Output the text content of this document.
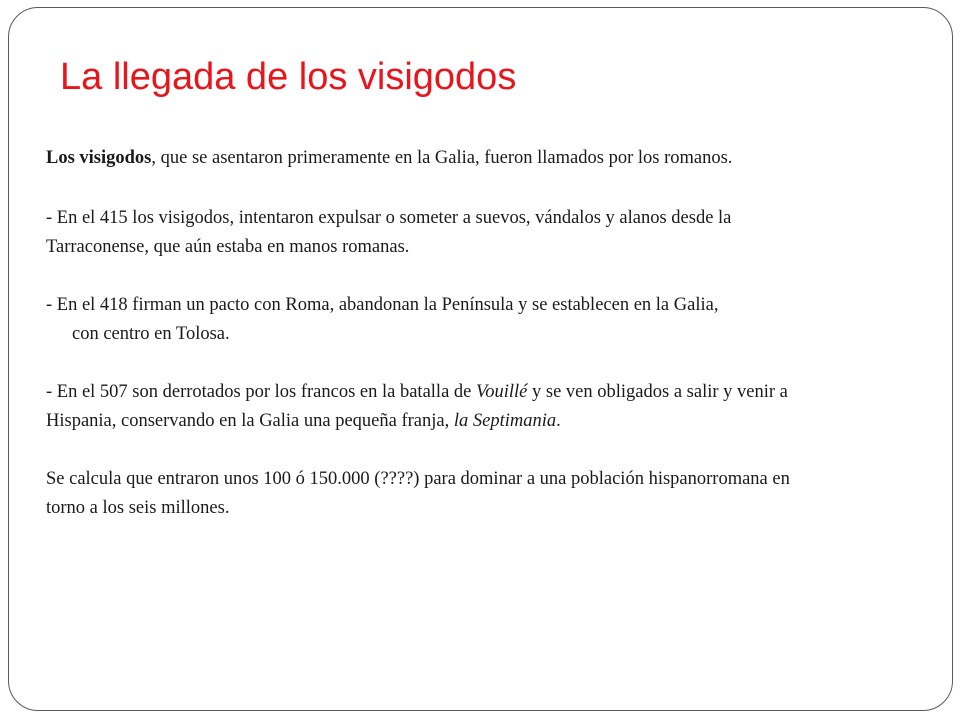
La llegada de los visigodos
Los visigodos, que se asentaron primeramente en la Galia, fueron llamados por los romanos.
- En el 415 los visigodos, intentaron expulsar o someter a suevos, vándalos y alanos desde la
Tarraconense, que aún estaba en manos romanas.
- En el 418 firman un pacto con Roma, abandonan la Península y se establecen en la Galia,
con centro en Tolosa.
- En el 507 son derrotados por los francos en la batalla de Vouillé y se ven obligados a salir y venir a
Hispania, conservando en la Galia una pequeña franja, la Septimania.
Se calcula que entraron unos 100 ó 150.000 (????) para dominar a una población hispanorromana en
torno a los seis millones.
